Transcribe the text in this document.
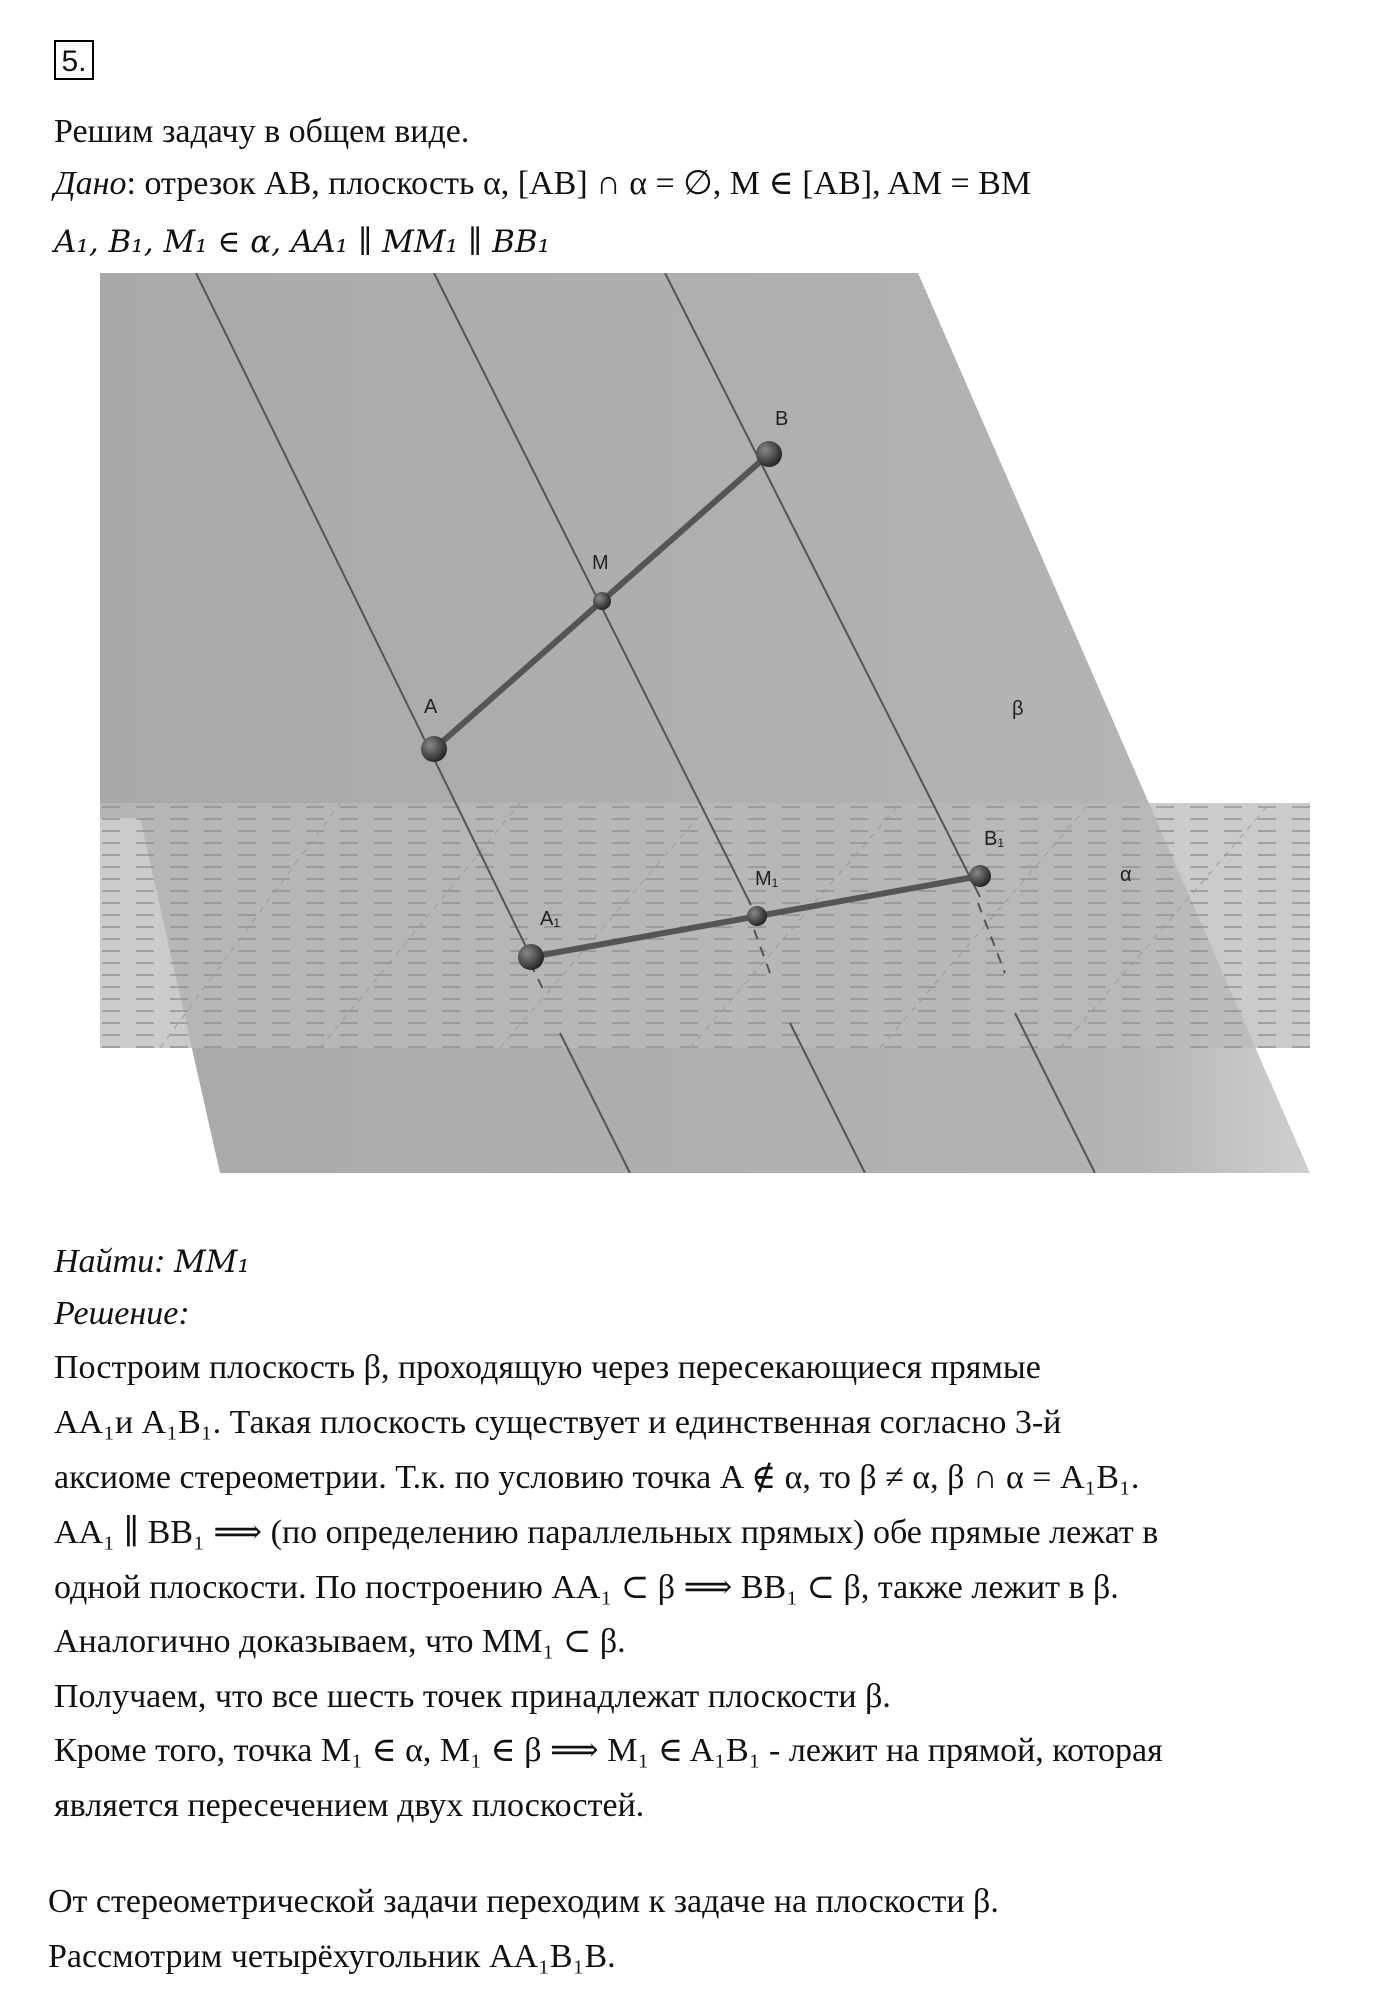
5.
Решим задачу в общем виде.
Дано: отрезок AB, плоскость α, [AB] ∩ α = ∅, M ∈ [AB], AM = BM
A₁, B₁, M₁ ∈ α, AA₁ ∥ MM₁ ∥ BB₁
A
B
M
A₁
M₁
B₁
β
α
Найти: MM₁
Решение:
Построим плоскость β, проходящую через пересекающиеся прямые
AA₁и A₁B₁. Такая плоскость существует и единственная согласно 3-й
аксиоме стереометрии. Т.к. по условию точка A ∉ α, то β ≠ α, β ∩ α = A₁B₁.
AA₁ ∥ BB₁ ⟹ (по определению параллельных прямых) обе прямые лежат в
одной плоскости. По построению AA₁ ⊂ β ⟹ BB₁ ⊂ β, также лежит в β.
Аналогично доказываем, что MM₁ ⊂ β.
Получаем, что все шесть точек принадлежат плоскости β.
Кроме того, точка M₁ ∈ α, M₁ ∈ β ⟹ M₁ ∈ A₁B₁ - лежит на прямой, которая
является пересечением двух плоскостей.
От стереометрической задачи переходим к задаче на плоскости β.
Рассмотрим четырёхугольник AA₁B₁B.
